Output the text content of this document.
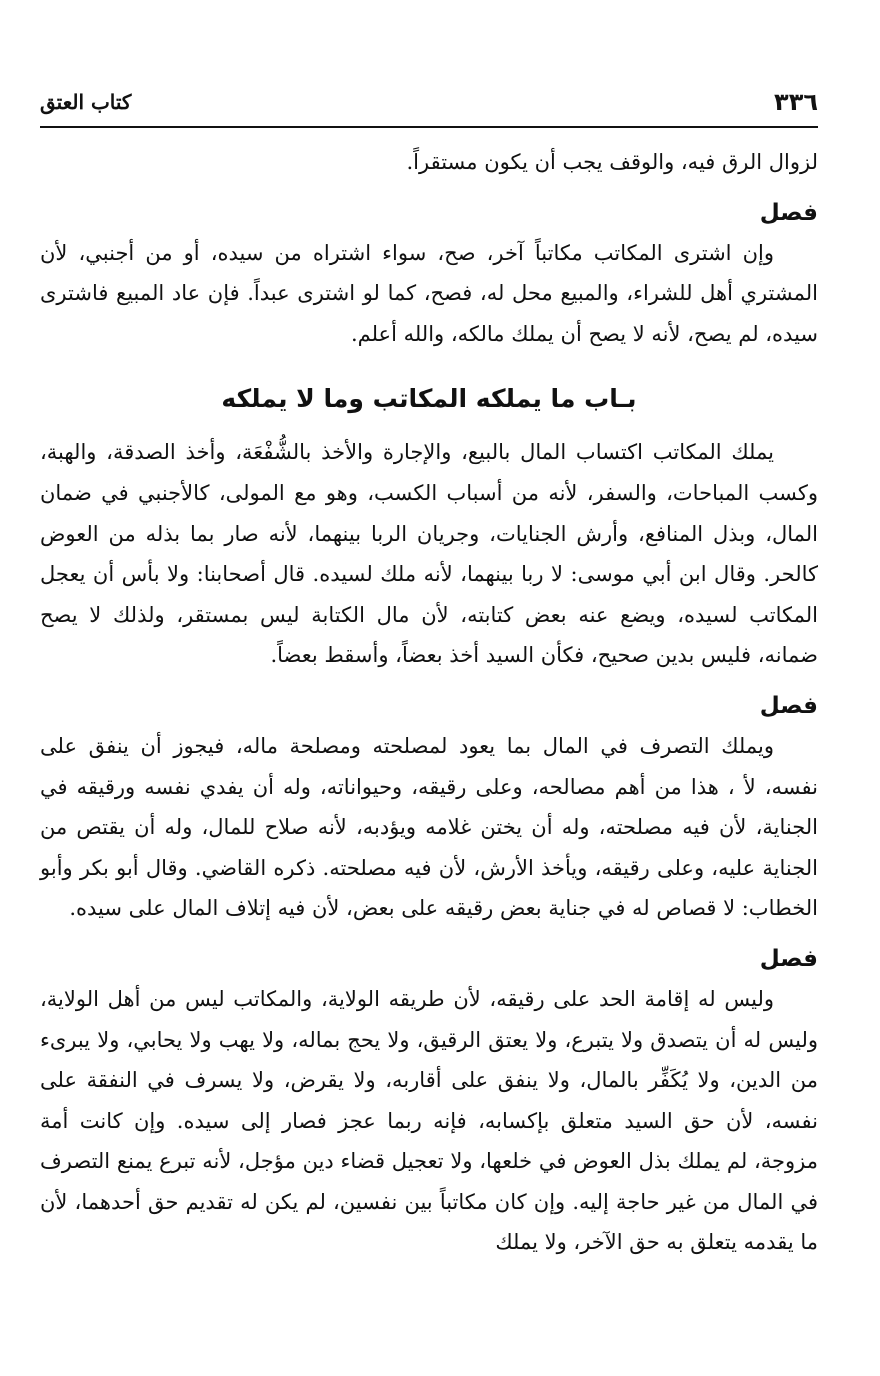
٣٣٦
كتاب العتق

لزوال الرق فيه، والوقف يجب أن يكون مستقراً.

فصل

وإن اشترى المكاتب مكاتباً آخر، صح، سواء اشتراه من سيده، أو من أجنبي، لأن المشتري أهل للشراء، والمبيع محل له، فصح، كما لو اشترى عبداً. فإن عاد المبيع فاشترى سيده، لم يصح، لأنه لا يصح أن يملك مالكه، والله أعلم.

بـاب ما يملكه المكاتب وما لا يملكه

يملك المكاتب اكتساب المال بالبيع، والإجارة والأخذ بالشُّفْعَة، وأخذ الصدقة، والهبة، وكسب المباحات، والسفر، لأنه من أسباب الكسب، وهو مع المولى، كالأجنبي في ضمان المال، وبذل المنافع، وأرش الجنايات، وجريان الربا بينهما، لأنه صار بما بذله من العوض كالحر. وقال ابن أبي موسى: لا ربا بينهما، لأنه ملك لسيده. قال أصحابنا: ولا بأس أن يعجل المكاتب لسيده، ويضع عنه بعض كتابته، لأن مال الكتابة ليس بمستقر، ولذلك لا يصح ضمانه، فليس بدين صحيح، فكأن السيد أخذ بعضاً، وأسقط بعضاً.

فصل

ويملك التصرف في المال بما يعود لمصلحته ومصلحة ماله، فيجوز أن ينفق على نفسه، لأ ، هذا من أهم مصالحه، وعلى رقيقه، وحيواناته، وله أن يفدي نفسه ورقيقه في الجناية، لأن فيه مصلحته، وله أن يختن غلامه ويؤدبه، لأنه صلاح للمال، وله أن يقتص من الجناية عليه، وعلى رقيقه، ويأخذ الأرش، لأن فيه مصلحته. ذكره القاضي. وقال أبو بكر وأبو الخطاب: لا قصاص له في جناية بعض رقيقه على بعض، لأن فيه إتلاف المال على سيده.

فصل

وليس له إقامة الحد على رقيقه، لأن طريقه الولاية، والمكاتب ليس من أهل الولاية، وليس له أن يتصدق ولا يتبرع، ولا يعتق الرقيق، ولا يحج بماله، ولا يهب ولا يحابي، ولا يبرىء من الدين، ولا يُكَفِّر بالمال، ولا ينفق على أقاربه، ولا يقرض، ولا يسرف في النفقة على نفسه، لأن حق السيد متعلق بإكسابه، فإنه ربما عجز فصار إلى سيده. وإن كانت أمة مزوجة، لم يملك بذل العوض في خلعها، ولا تعجيل قضاء دين مؤجل، لأنه تبرع يمنع التصرف في المال من غير حاجة إليه. وإن كان مكاتباً بين نفسين، لم يكن له تقديم حق أحدهما، لأن ما يقدمه يتعلق به حق الآخر، ولا يملك
